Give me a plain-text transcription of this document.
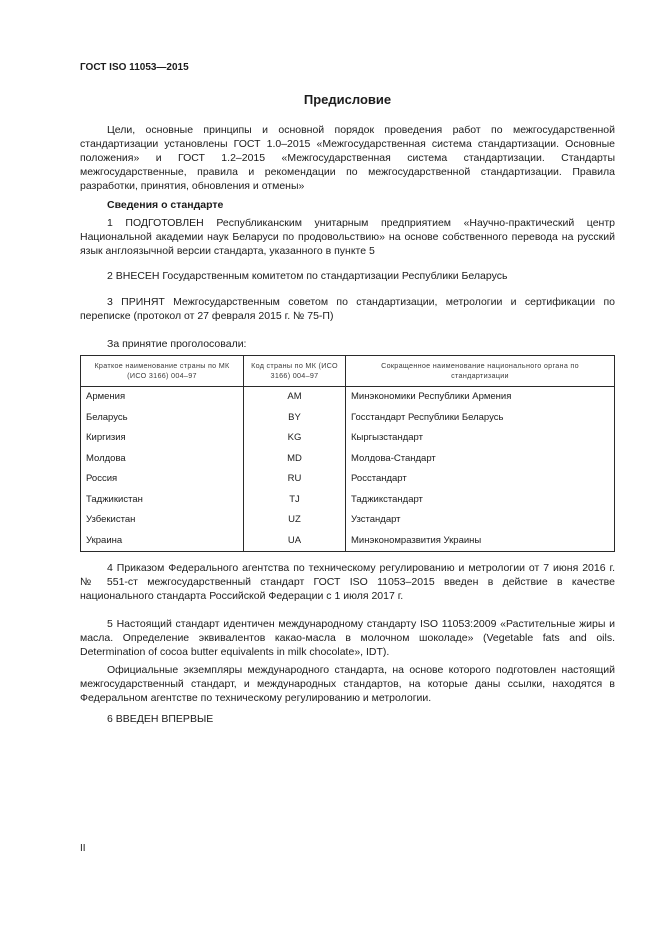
ГОСТ ISO 11053—2015
Предисловие

Цели, основные принципы и основной порядок проведения работ по межгосударственной стандартизации установлены ГОСТ 1.0–2015 «Межгосударственная система стандартизации. Основные положения» и ГОСТ 1.2–2015 «Межгосударственная система стандартизации. Стандарты межгосударственные, правила и рекомендации по межгосударственной стандартизации. Правила разработки, принятия, обновления и отмены»

Сведения о стандарте

1 ПОДГОТОВЛЕН Республиканским унитарным предприятием «Научно-практический центр Национальной академии наук Беларуси по продовольствию» на основе собственного перевода на русский язык англоязычной версии стандарта, указанного в пункте 5

2 ВНЕСЕН Государственным комитетом по стандартизации Республики Беларусь

3 ПРИНЯТ Межгосударственным советом по стандартизации, метрологии и сертификации по переписке (протокол от 27 февраля 2015 г. № 75-П)

За принятие проголосовали:

Краткое наименование страны по МК (ИСО 3166) 004–97	Код страны по МК (ИСО 3166) 004–97	Сокращенное наименование национального органа по стандартизации
Армения	AM	Минэкономики Республики Армения
Беларусь	BY	Госстандарт Республики Беларусь
Киргизия	KG	Кыргызстандарт
Молдова	MD	Молдова-Стандарт
Россия	RU	Росстандарт
Таджикистан	TJ	Таджикстандарт
Узбекистан	UZ	Узстандарт
Украина	UA	Минэкономразвития Украины

4 Приказом Федерального агентства по техническому регулированию и метрологии от 7 июня 2016 г. № 551-ст межгосударственный стандарт ГОСТ ISO 11053–2015 введен в действие в качестве национального стандарта Российской Федерации с 1 июля 2017 г.

5 Настоящий стандарт идентичен международному стандарту ISO 11053:2009 «Растительные жиры и масла. Определение эквивалентов какао-масла в молочном шоколаде» (Vegetable fats and oils. Determination of cocoa butter equivalents in milk chocolate», IDT).

Официальные экземпляры международного стандарта, на основе которого подготовлен настоящий межгосударственный стандарт, и международных стандартов, на которые даны ссылки, находятся в Федеральном агентстве по техническому регулированию и метрологии.

6 ВВЕДЕН ВПЕРВЫЕ

II
